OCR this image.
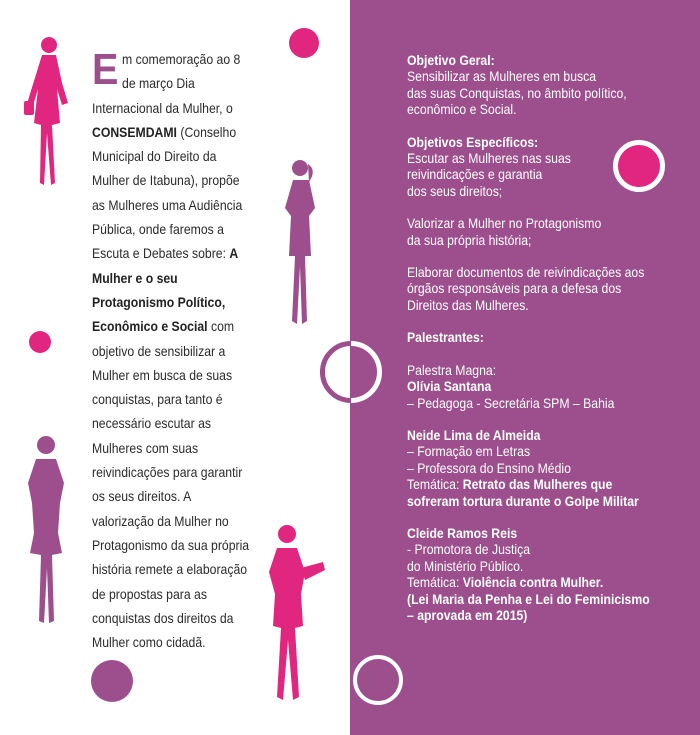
Em comemoração ao 8 de março Dia Internacional da Mulher, o CONSEMDAMI (Conselho Municipal do Direito da Mulher de Itabuna), propõe as Mulheres uma Audiência Pública, onde faremos a Escuta e Debates sobre: A Mulher e o seu Protagonismo Político, Econômico e Social com objetivo de sensibilizar a Mulher em busca de suas conquistas, para tanto é necessário escutar as Mulheres com suas reivindicações para garantir os seus direitos. A valorização da Mulher no Protagonismo da sua própria história remete a elaboração de propostas para as conquistas dos direitos da Mulher como cidadã.

Objetivo Geral:

Sensibilizar as Mulheres em busca

das suas Conquistas, no âmbito político,

econômico e Social.

Objetivos Específicos:

Escutar as Mulheres nas suas

reivindicações e garantia

dos seus direitos;

Valorizar a Mulher no Protagonismo

da sua própria história;

Elaborar documentos de reivindicações aos

órgãos responsáveis para a defesa dos

Direitos das Mulheres.

Palestrantes:

Palestra Magna:

Olívia Santana

– Pedagoga - Secretária SPM – Bahia

Neide Lima de Almeida

– Formação em Letras

– Professora do Ensino Médio

Temática: Retrato das Mulheres que

sofreram tortura durante o Golpe Militar

Cleide Ramos Reis

- Promotora de Justiça

do Ministério Público.

Temática: Violência contra Mulher.

(Lei Maria da Penha e Lei do Feminicismo

– aprovada em 2015)
